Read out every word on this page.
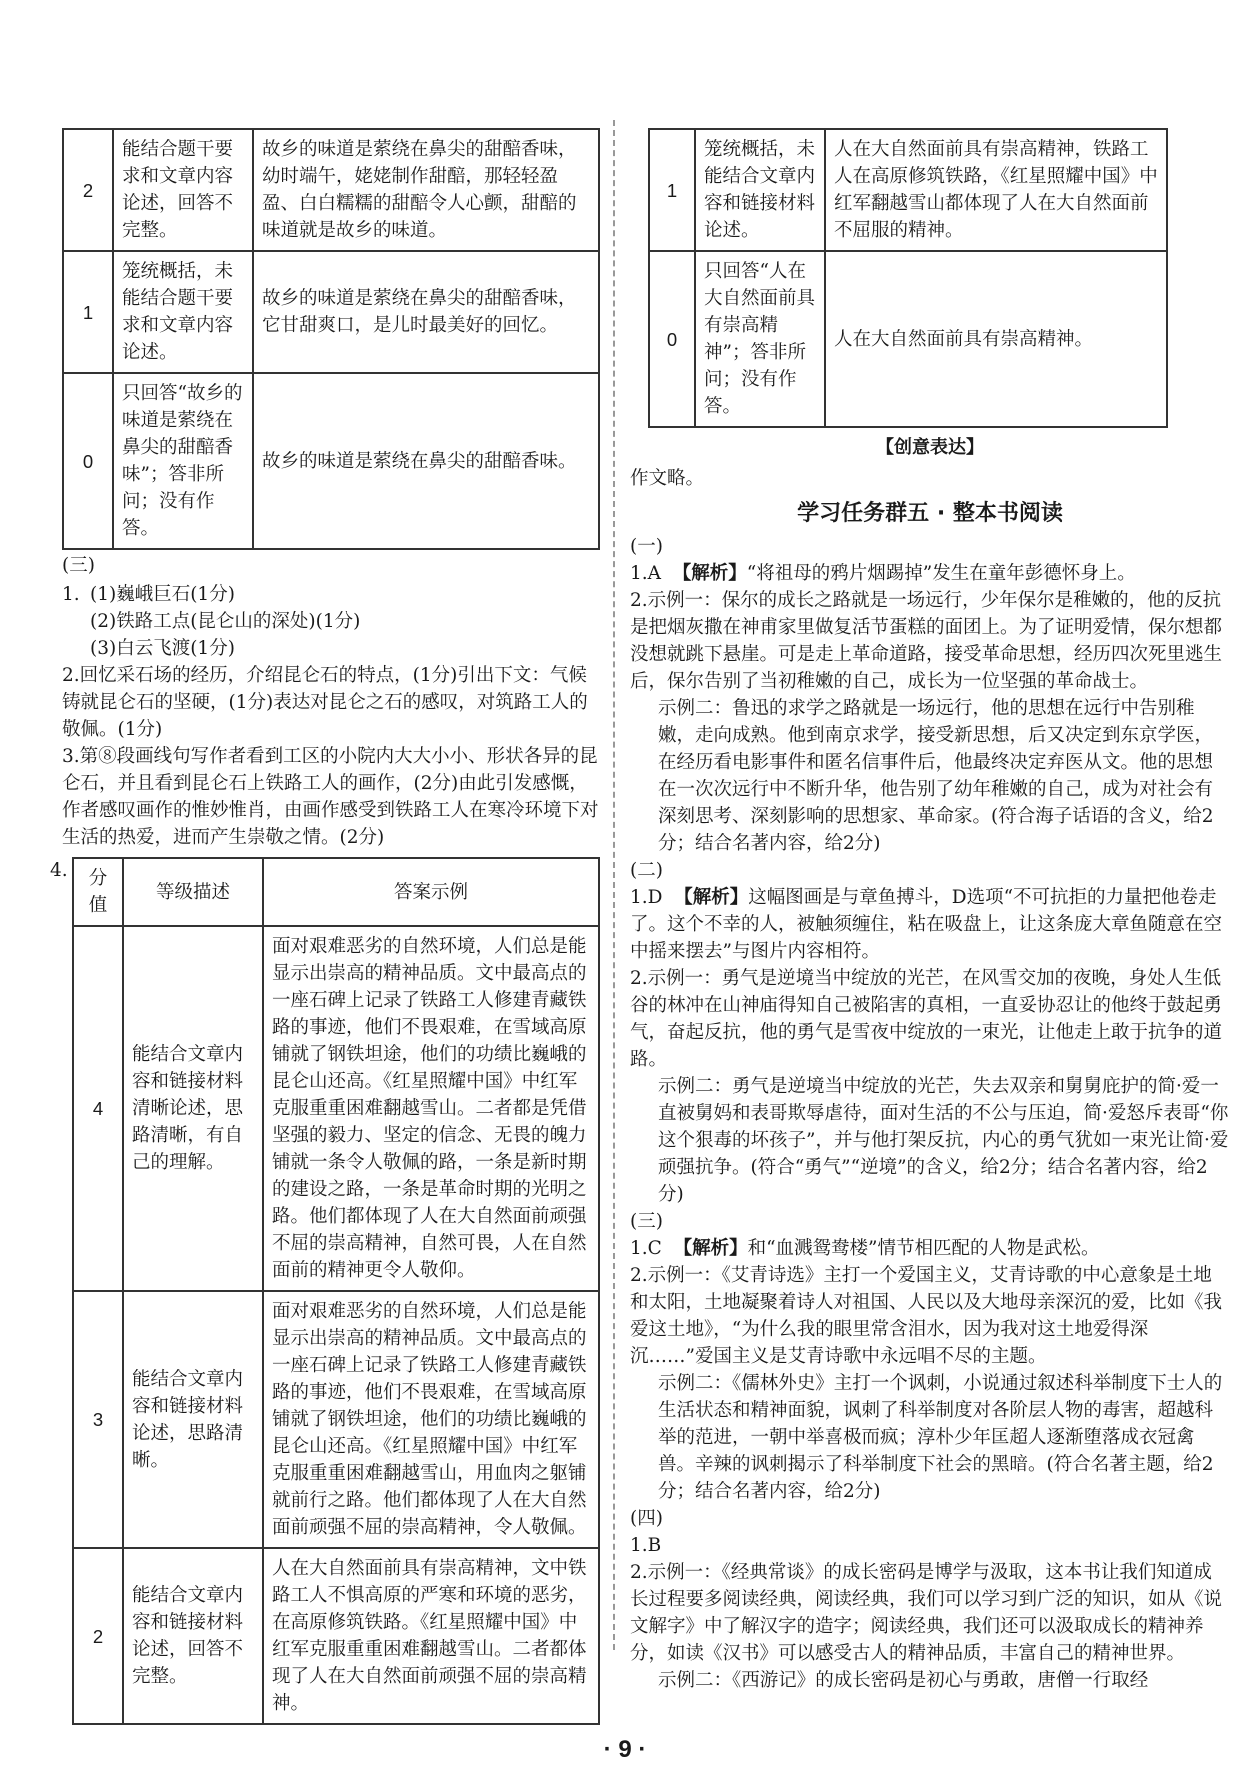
2	能结合题干要求和文章内容论述，回答不完整。	故乡的味道是萦绕在鼻尖的甜醅香味，幼时端午，姥姥制作甜醅，那轻轻盈盈、白白糯糯的甜醅令人心颤，甜醅的味道就是故乡的味道。
1	笼统概括，未能结合题干要求和文章内容论述。	故乡的味道是萦绕在鼻尖的甜醅香味，它甘甜爽口，是儿时最美好的回忆。
0	只回答“故乡的味道是萦绕在鼻尖的甜醅香味”；答非所问；没有作答。	故乡的味道是萦绕在鼻尖的甜醅香味。

(三)

1. (1)巍峨巨石(1分)

(2)铁路工点(昆仑山的深处)(1分)

(3)白云飞渡(1分)

2.回忆采石场的经历，介绍昆仑石的特点，(1分)引出下文：气候铸就昆仑石的坚硬，(1分)表达对昆仑之石的感叹，对筑路工人的敬佩。(1分)

3.第⑧段画线句写作者看到工区的小院内大大小小、形状各异的昆仑石，并且看到昆仑石上铁路工人的画作，(2分)由此引发感慨，作者感叹画作的惟妙惟肖，由画作感受到铁路工人在寒冷环境下对生活的热爱，进而产生崇敬之情。(2分)

4. 分值	等级描述	答案示例
4	能结合文章内容和链接材料清晰论述，思路清晰，有自己的理解。	面对艰难恶劣的自然环境，人们总是能显示出崇高的精神品质。文中最高点的一座石碑上记录了铁路工人修建青藏铁路的事迹，他们不畏艰难，在雪域高原铺就了钢铁坦途，他们的功绩比巍峨的昆仑山还高。《红星照耀中国》中红军克服重重困难翻越雪山。二者都是凭借坚强的毅力、坚定的信念、无畏的魄力铺就一条令人敬佩的路，一条是新时期的建设之路，一条是革命时期的光明之路。他们都体现了人在大自然面前顽强不屈的崇高精神，自然可畏，人在自然面前的精神更令人敬仰。
3	能结合文章内容和链接材料论述，思路清晰。	面对艰难恶劣的自然环境，人们总是能显示出崇高的精神品质。文中最高点的一座石碑上记录了铁路工人修建青藏铁路的事迹，他们不畏艰难，在雪域高原铺就了钢铁坦途，他们的功绩比巍峨的昆仑山还高。《红星照耀中国》中红军克服重重困难翻越雪山，用血肉之躯铺就前行之路。他们都体现了人在大自然面前顽强不屈的崇高精神，令人敬佩。
2	能结合文章内容和链接材料论述，回答不完整。	人在大自然面前具有崇高精神，文中铁路工人不惧高原的严寒和环境的恶劣，在高原修筑铁路。《红星照耀中国》中红军克服重重困难翻越雪山。二者都体现了人在大自然面前顽强不屈的崇高精神。
1	笼统概括，未能结合文章内容和链接材料论述。	人在大自然面前具有崇高精神，铁路工人在高原修筑铁路，《红星照耀中国》中红军翻越雪山都体现了人在大自然面前不屈服的精神。
0	只回答“人在大自然面前具有崇高精神”；答非所问；没有作答。	人在大自然面前具有崇高精神。

【创意表达】

作文略。

学习任务群五 · 整本书阅读

(一)

1.A 【解析】“将祖母的鸦片烟踢掉”发生在童年彭德怀身上。

2.示例一：保尔的成长之路就是一场远行，少年保尔是稚嫩的，他的反抗是把烟灰撒在神甫家里做复活节蛋糕的面团上。为了证明爱情，保尔想都没想就跳下悬崖。可是走上革命道路，接受革命思想，经历四次死里逃生后，保尔告别了当初稚嫩的自己，成长为一位坚强的革命战士。

示例二：鲁迅的求学之路就是一场远行，他的思想在远行中告别稚嫩，走向成熟。他到南京求学，接受新思想，后又决定到东京学医，在经历看电影事件和匿名信事件后，他最终决定弃医从文。他的思想在一次次远行中不断升华，他告别了幼年稚嫩的自己，成为对社会有深刻思考、深刻影响的思想家、革命家。(符合海子话语的含义，给2分；结合名著内容，给2分)

(二)

1.D 【解析】这幅图画是与章鱼搏斗，D选项“不可抗拒的力量把他卷走了。这个不幸的人，被触须缠住，粘在吸盘上，让这条庞大章鱼随意在空中摇来摆去”与图片内容相符。

2.示例一：勇气是逆境当中绽放的光芒，在风雪交加的夜晚，身处人生低谷的林冲在山神庙得知自己被陷害的真相，一直妥协忍让的他终于鼓起勇气，奋起反抗，他的勇气是雪夜中绽放的一束光，让他走上敢于抗争的道路。

示例二：勇气是逆境当中绽放的光芒，失去双亲和舅舅庇护的简·爱一直被舅妈和表哥欺辱虐待，面对生活的不公与压迫，简·爱怒斥表哥“你这个狠毒的坏孩子”，并与他打架反抗，内心的勇气犹如一束光让简·爱顽强抗争。(符合“勇气”“逆境”的含义，给2分；结合名著内容，给2分)

(三)

1.C 【解析】和“血溅鸳鸯楼”情节相匹配的人物是武松。

2.示例一：《艾青诗选》主打一个爱国主义，艾青诗歌的中心意象是土地和太阳，土地凝聚着诗人对祖国、人民以及大地母亲深沉的爱，比如《我爱这土地》，“为什么我的眼里常含泪水，因为我对这土地爱得深沉……”爱国主义是艾青诗歌中永远唱不尽的主题。

示例二：《儒林外史》主打一个讽刺，小说通过叙述科举制度下士人的生活状态和精神面貌，讽刺了科举制度对各阶层人物的毒害，超越科举的范进，一朝中举喜极而疯；淳朴少年匡超人逐渐堕落成衣冠禽兽。辛辣的讽刺揭示了科举制度下社会的黑暗。(符合名著主题，给2分；结合名著内容，给2分)

(四)

1.B

2.示例一：《经典常谈》的成长密码是博学与汲取，这本书让我们知道成长过程要多阅读经典，阅读经典，我们可以学习到广泛的知识，如从《说文解字》中了解汉字的造字；阅读经典，我们还可以汲取成长的精神养分，如读《汉书》可以感受古人的精神品质，丰富自己的精神世界。

示例二：《西游记》的成长密码是初心与勇敢，唐僧一行取经

· 9 ·
